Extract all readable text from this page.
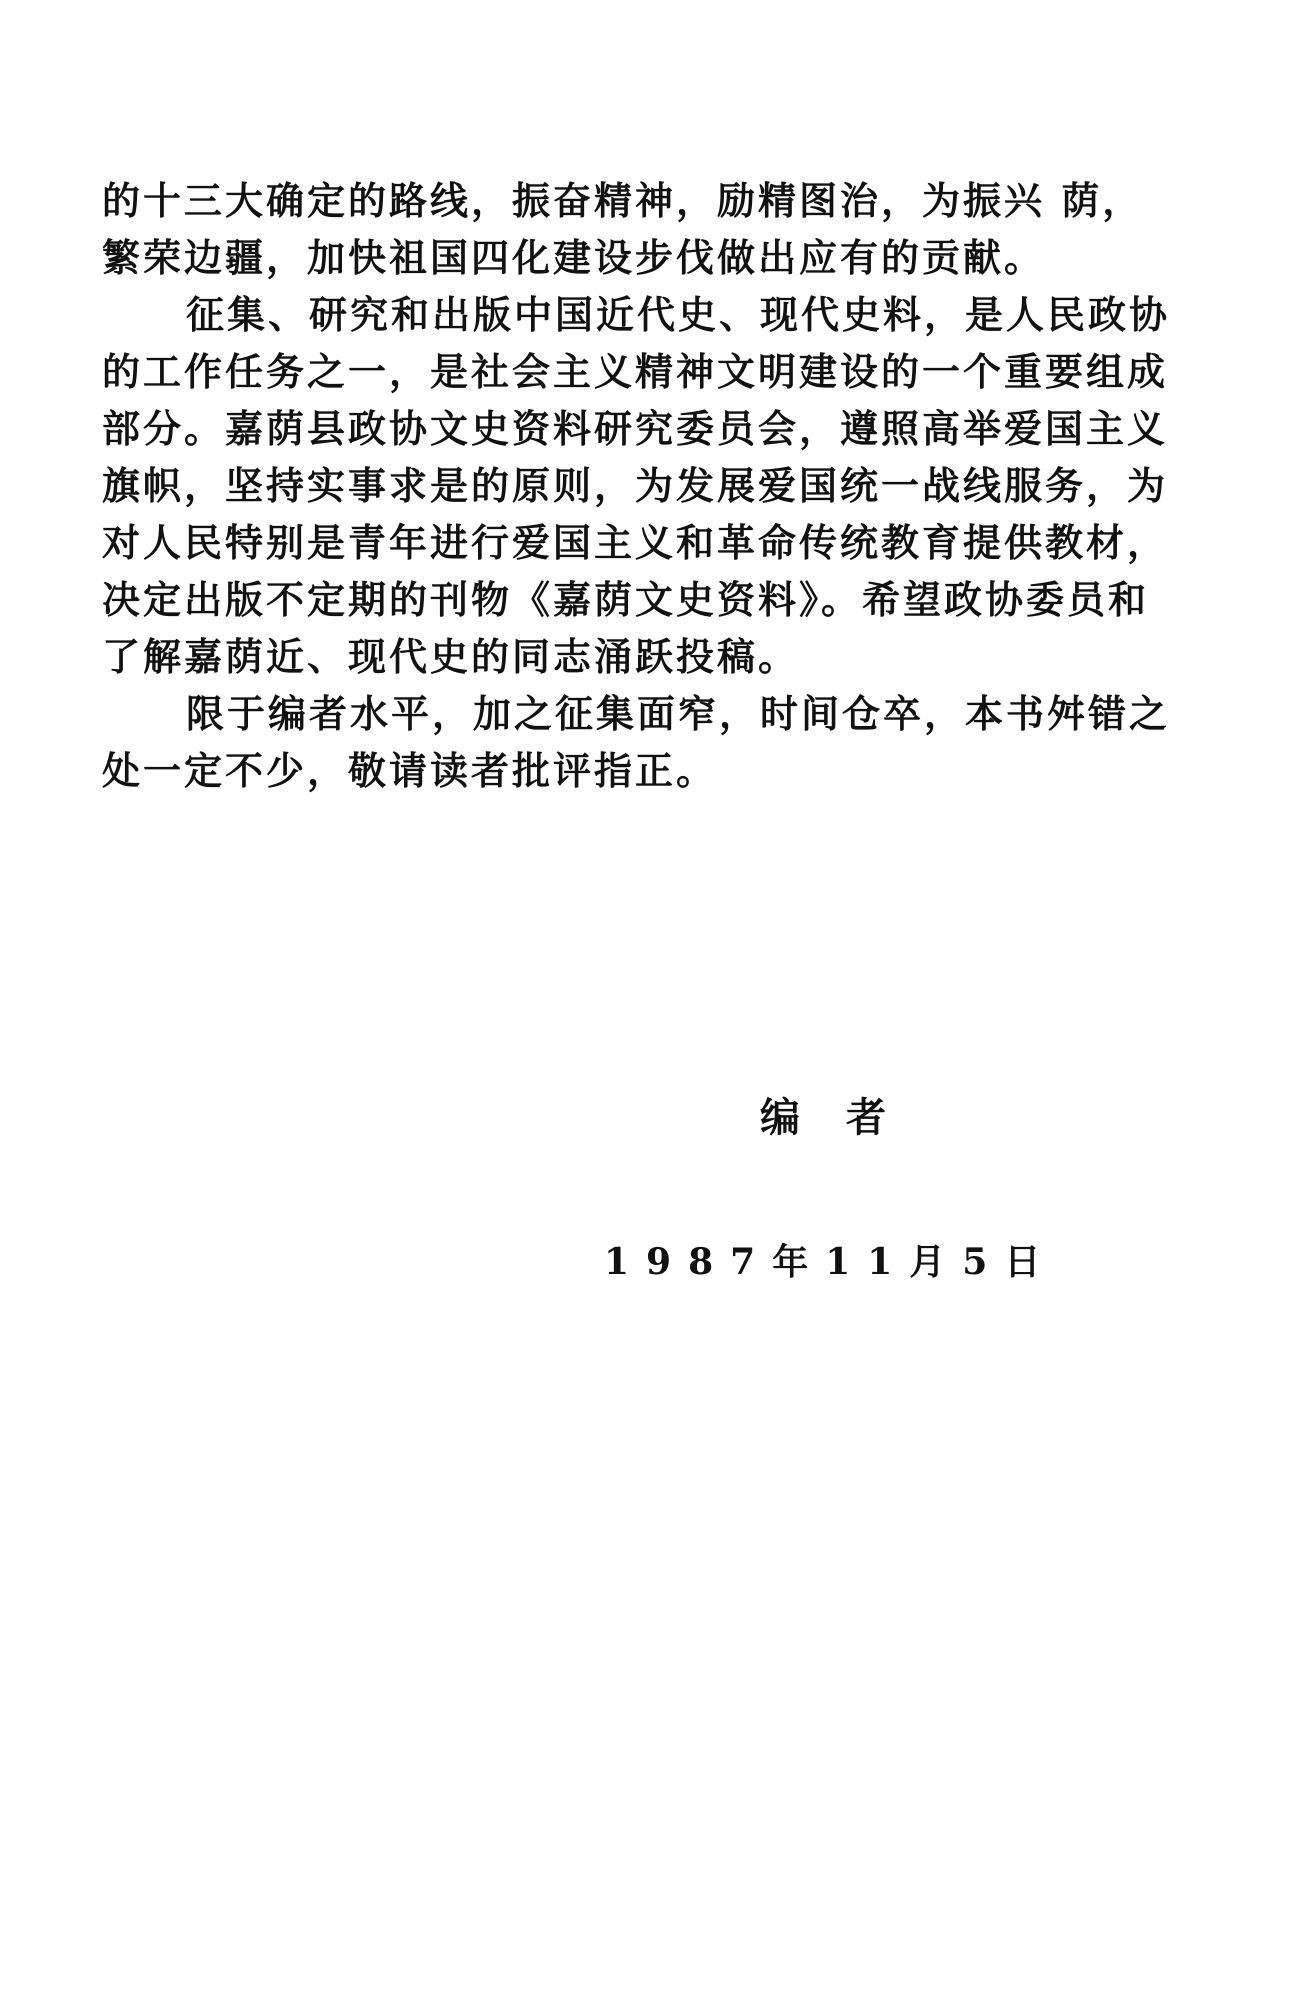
的十三大确定的路线，振奋精神，励精图治，为振兴 荫，
繁荣边疆，加快祖国四化建设步伐做出应有的贡献。
征集、研究和出版中国近代史、现代史料，是人民政协
的工作任务之一，是社会主义精神文明建设的一个重要组成
部分。嘉荫县政协文史资料研究委员会，遵照高举爱国主义
旗帜，坚持实事求是的原则，为发展爱国统一战线服务，为
对人民特别是青年进行爱国主义和革命传统教育提供教材，
决定出版不定期的刊物《嘉荫文史资料》。希望政协委员和
了解嘉荫近、现代史的同志涌跃投稿。
限于编者水平，加之征集面窄，时间仓卒，本书舛错之
处一定不少，敬请读者批评指正。
编者
1987年11月5日
